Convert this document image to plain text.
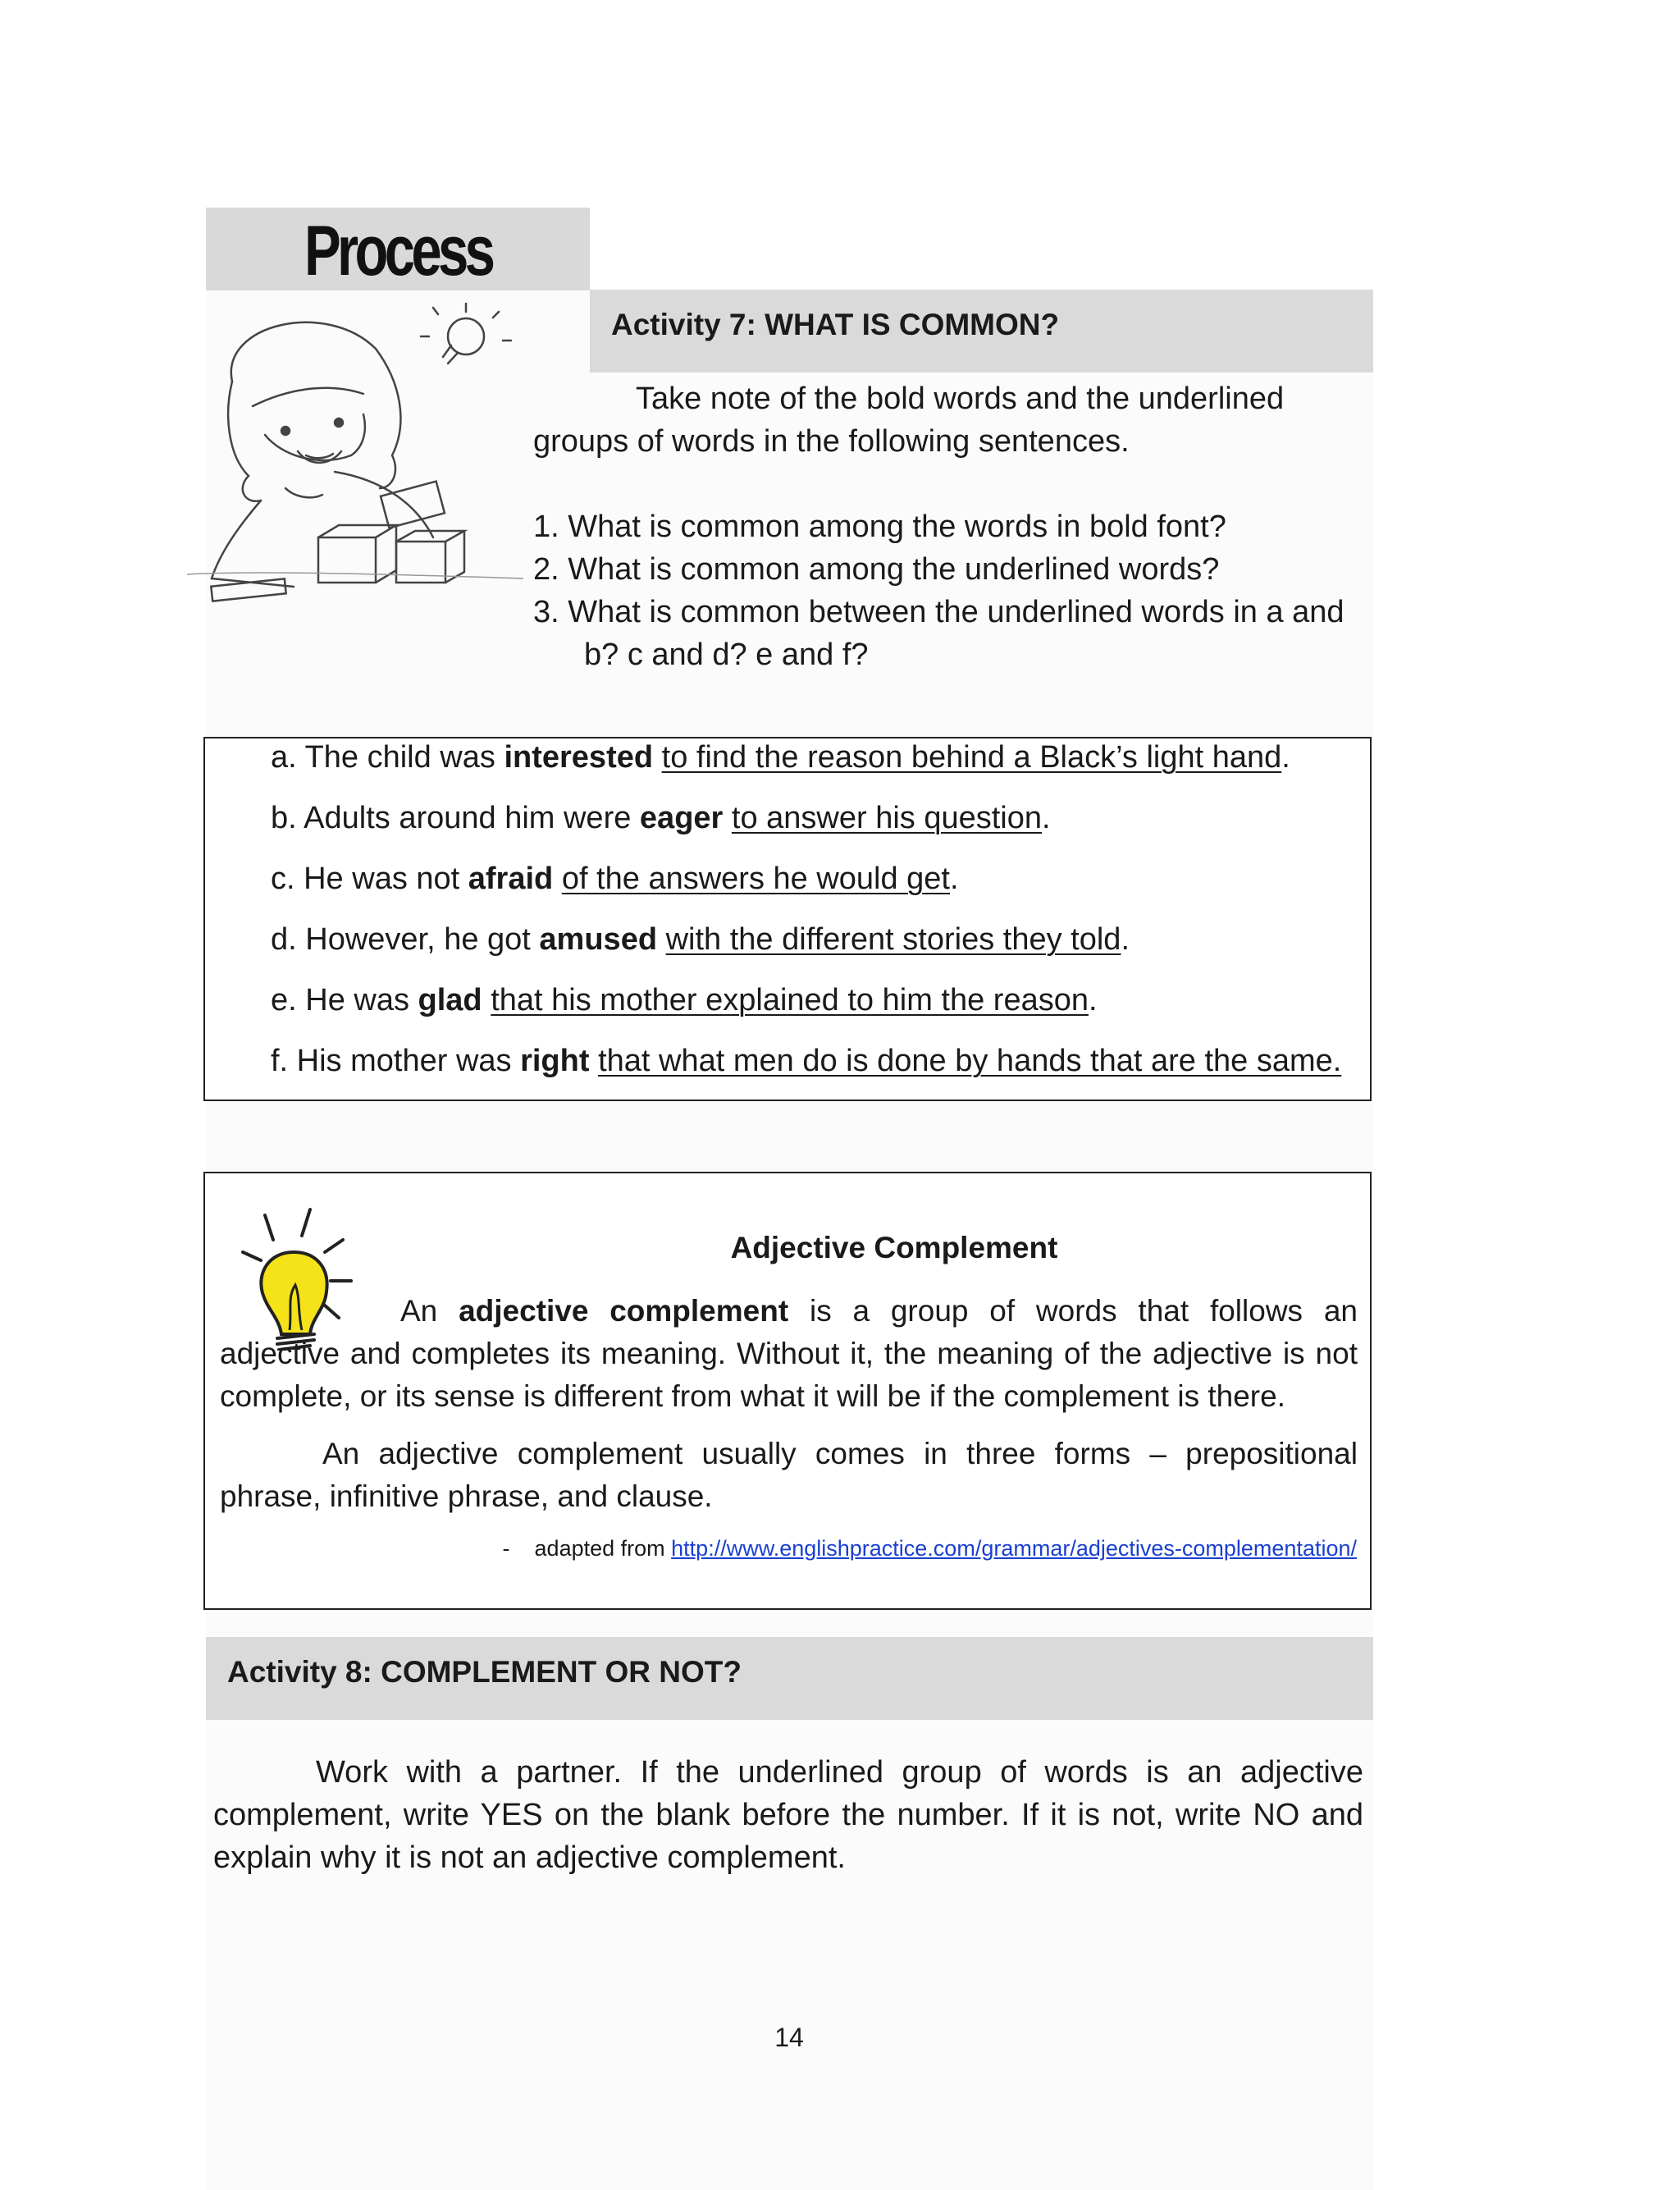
Process
Activity 7: WHAT IS COMMON?

Take note of the bold words and the underlined

groups of words in the following sentences.

1. What is common among the words in bold font?
2. What is common among the underlined words?
3. What is common between the underlined words in a and
b? c and d? e and f?
a. The child was interested to find the reason behind a Black’s light hand.
b. Adults around him were eager to answer his question.
c. He was not afraid of the answers he would get.
d. However, he got amused with the different stories they told.
e. He was glad that his mother explained to him the reason.
f. His mother was right that what men do is done by hands that are the same.
Adjective Complement

An adjective complement is a group of words that follows an adjective and completes its meaning. Without it, the meaning of the adjective is not complete, or its sense is different from what it will be if the complement is there.

An adjective complement usually comes in three forms – prepositional phrase, infinitive phrase, and clause.

-    adapted from http://www.englishpractice.com/grammar/adjectives-complementation/
Activity 8: COMPLEMENT OR NOT?

Work with a partner. If the underlined group of words is an adjective complement, write YES on the blank before the number. If it is not, write NO and explain why it is not an adjective complement.

14
